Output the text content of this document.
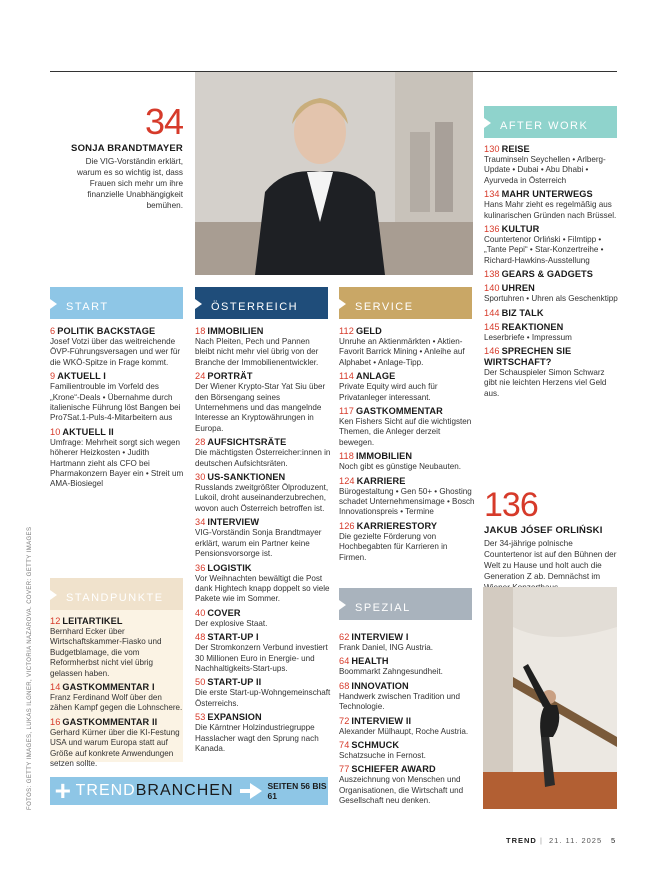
34
SONJA BRANDTMAYER
Die VIG-Vorständin erklärt, warum es so wichtig ist, dass Frauen sich mehr um ihre finanzielle Unabhängigkeit bemühen.
START	ÖSTERREICH	SERVICE
AFTER WORK
STANDPUNKTE
SPEZIAL
6 POLITIK BACKSTAGE
Josef Votzi über das weitreichende ÖVP-Führungsversagen und wer für die WKÖ-Spitze in Frage kommt.
9 AKTUELL I
Familientrouble im Vorfeld des „Krone“-Deals • Übernahme durch italienische Führung löst Bangen bei Pro7Sat.1-Puls-4-Mitarbeitern aus
10 AKTUELL II
Umfrage: Mehrheit sorgt sich wegen höherer Heizkosten • Judith Hartmann zieht als CFO bei Pharmakonzern Bayer ein • Streit um AMA-Biosiegel
18 IMMOBILIEN
Nach Pleiten, Pech und Pannen bleibt nicht mehr viel übrig von der Branche der Immobilienentwickler.
24 PORTRÄT
Der Wiener Krypto-Star Yat Siu über den Börsengang seines Unternehmens und das mangelnde Interesse an Kryptowährungen in Europa.
28 AUFSICHTSRÄTE
Die mächtigsten Österreicher:innen in deutschen Aufsichtsräten.
30 US-SANKTIONEN
Russlands zweitgrößter Ölproduzent, Lukoil, droht auseinanderzubrechen, wovon auch Österreich betroffen ist.
34 INTERVIEW
VIG-Vorständin Sonja Brandtmayer erklärt, warum ein Partner keine Pensionsvorsorge ist.
36 LOGISTIK
Vor Weihnachten bewältigt die Post dank Hightech knapp doppelt so viele Pakete wie im Sommer.
40 COVER
Der explosive Staat.
48 START-UP I
Der Stromkonzern Verbund investiert 30 Millionen Euro in Energie- und Nachhaltigkeits-Start-ups.
50 START-UP II
Die erste Start-up-Wohngemeinschaft Österreichs.
53 EXPANSION
Die Kärntner Holzindustriegruppe Hasslacher wagt den Sprung nach Kanada.
112 GELD
Unruhe an Aktienmärkten • Aktien-Favorit Barrick Mining • Anleihe auf Alphabet • Anlage-Tipp.
114 ANLAGE
Private Equity wird auch für Privatanleger interessant.
117 GASTKOMMENTAR
Ken Fishers Sicht auf die wichtigsten Themen, die Anleger derzeit bewegen.
118 IMMOBILIEN
Noch gibt es günstige Neubauten.
124 KARRIERE
Bürogestaltung • Gen 50+ • Ghosting schadet Unternehmensimage • Bosch Innovationspreis • Termine
126 KARRIERESTORY
Die gezielte Förderung von Hochbegabten für Karrieren in Firmen.
130 REISE
Trauminseln Seychellen • Arlberg-Update • Dubai • Abu Dhabi • Ayurveda in Österreich
134 MAHR UNTERWEGS
Hans Mahr zieht es regelmäßig aus kulinarischen Gründen nach Brüssel.
136 KULTUR
Countertenor Orliński • Filmtipp • „Tante Pepi“ • Star-Konzertreihe • Richard-Hawkins-Ausstellung
138 GEARS & GADGETS
140 UHREN
Sportuhren • Uhren als Geschenktipp
144 BIZ TALK
145 REAKTIONEN
Leserbriefe • Impressum
146 SPRECHEN SIE WIRTSCHAFT?
Der Schauspieler Simon Schwarz gibt nie leichten Herzens viel Geld aus.
12 LEITARTIKEL
Bernhard Ecker über Wirtschaftskammer-Fiasko und Budgetblamage, die vom Reformherbst nicht viel übrig gelassen haben.
14 GASTKOMMENTAR I
Franz Ferdinand Wolf über den zähen Kampf gegen die Lohnschere.
16 GASTKOMMENTAR II
Gerhard Kürner über die KI-Festung USA und warum Europa statt auf Größe auf konkrete Anwendungen setzen sollte.
62 INTERVIEW I
Frank Daniel, ING Austria.
64 HEALTH
Boommarkt Zahngesundheit.
68 INNOVATION
Handwerk zwischen Tradition und Technologie.
72 INTERVIEW II
Alexander Mülhaupt, Roche Austria.
74 SCHMUCK
Schatzsuche in Fernost.
77 SCHIEFER AWARD
Auszeichnung von Menschen und Organisationen, die Wirtschaft und Gesellschaft neu denken.
136
JAKUB JÓSEF ORLIŃSKI
Der 34-jährige polnische Countertenor ist auf den Bühnen der Welt zu Hause und holt auch die Generation Z ab. Demnächst im
+ TREND BRANCHEN	SEITEN 56 BIS 61
FOTOS: GETTY IMAGES, LUKAS ILGNER, VICTORIA NAZAROVA. COVER: GETTY IMAGES
TREND | 21. 11. 2025 5
